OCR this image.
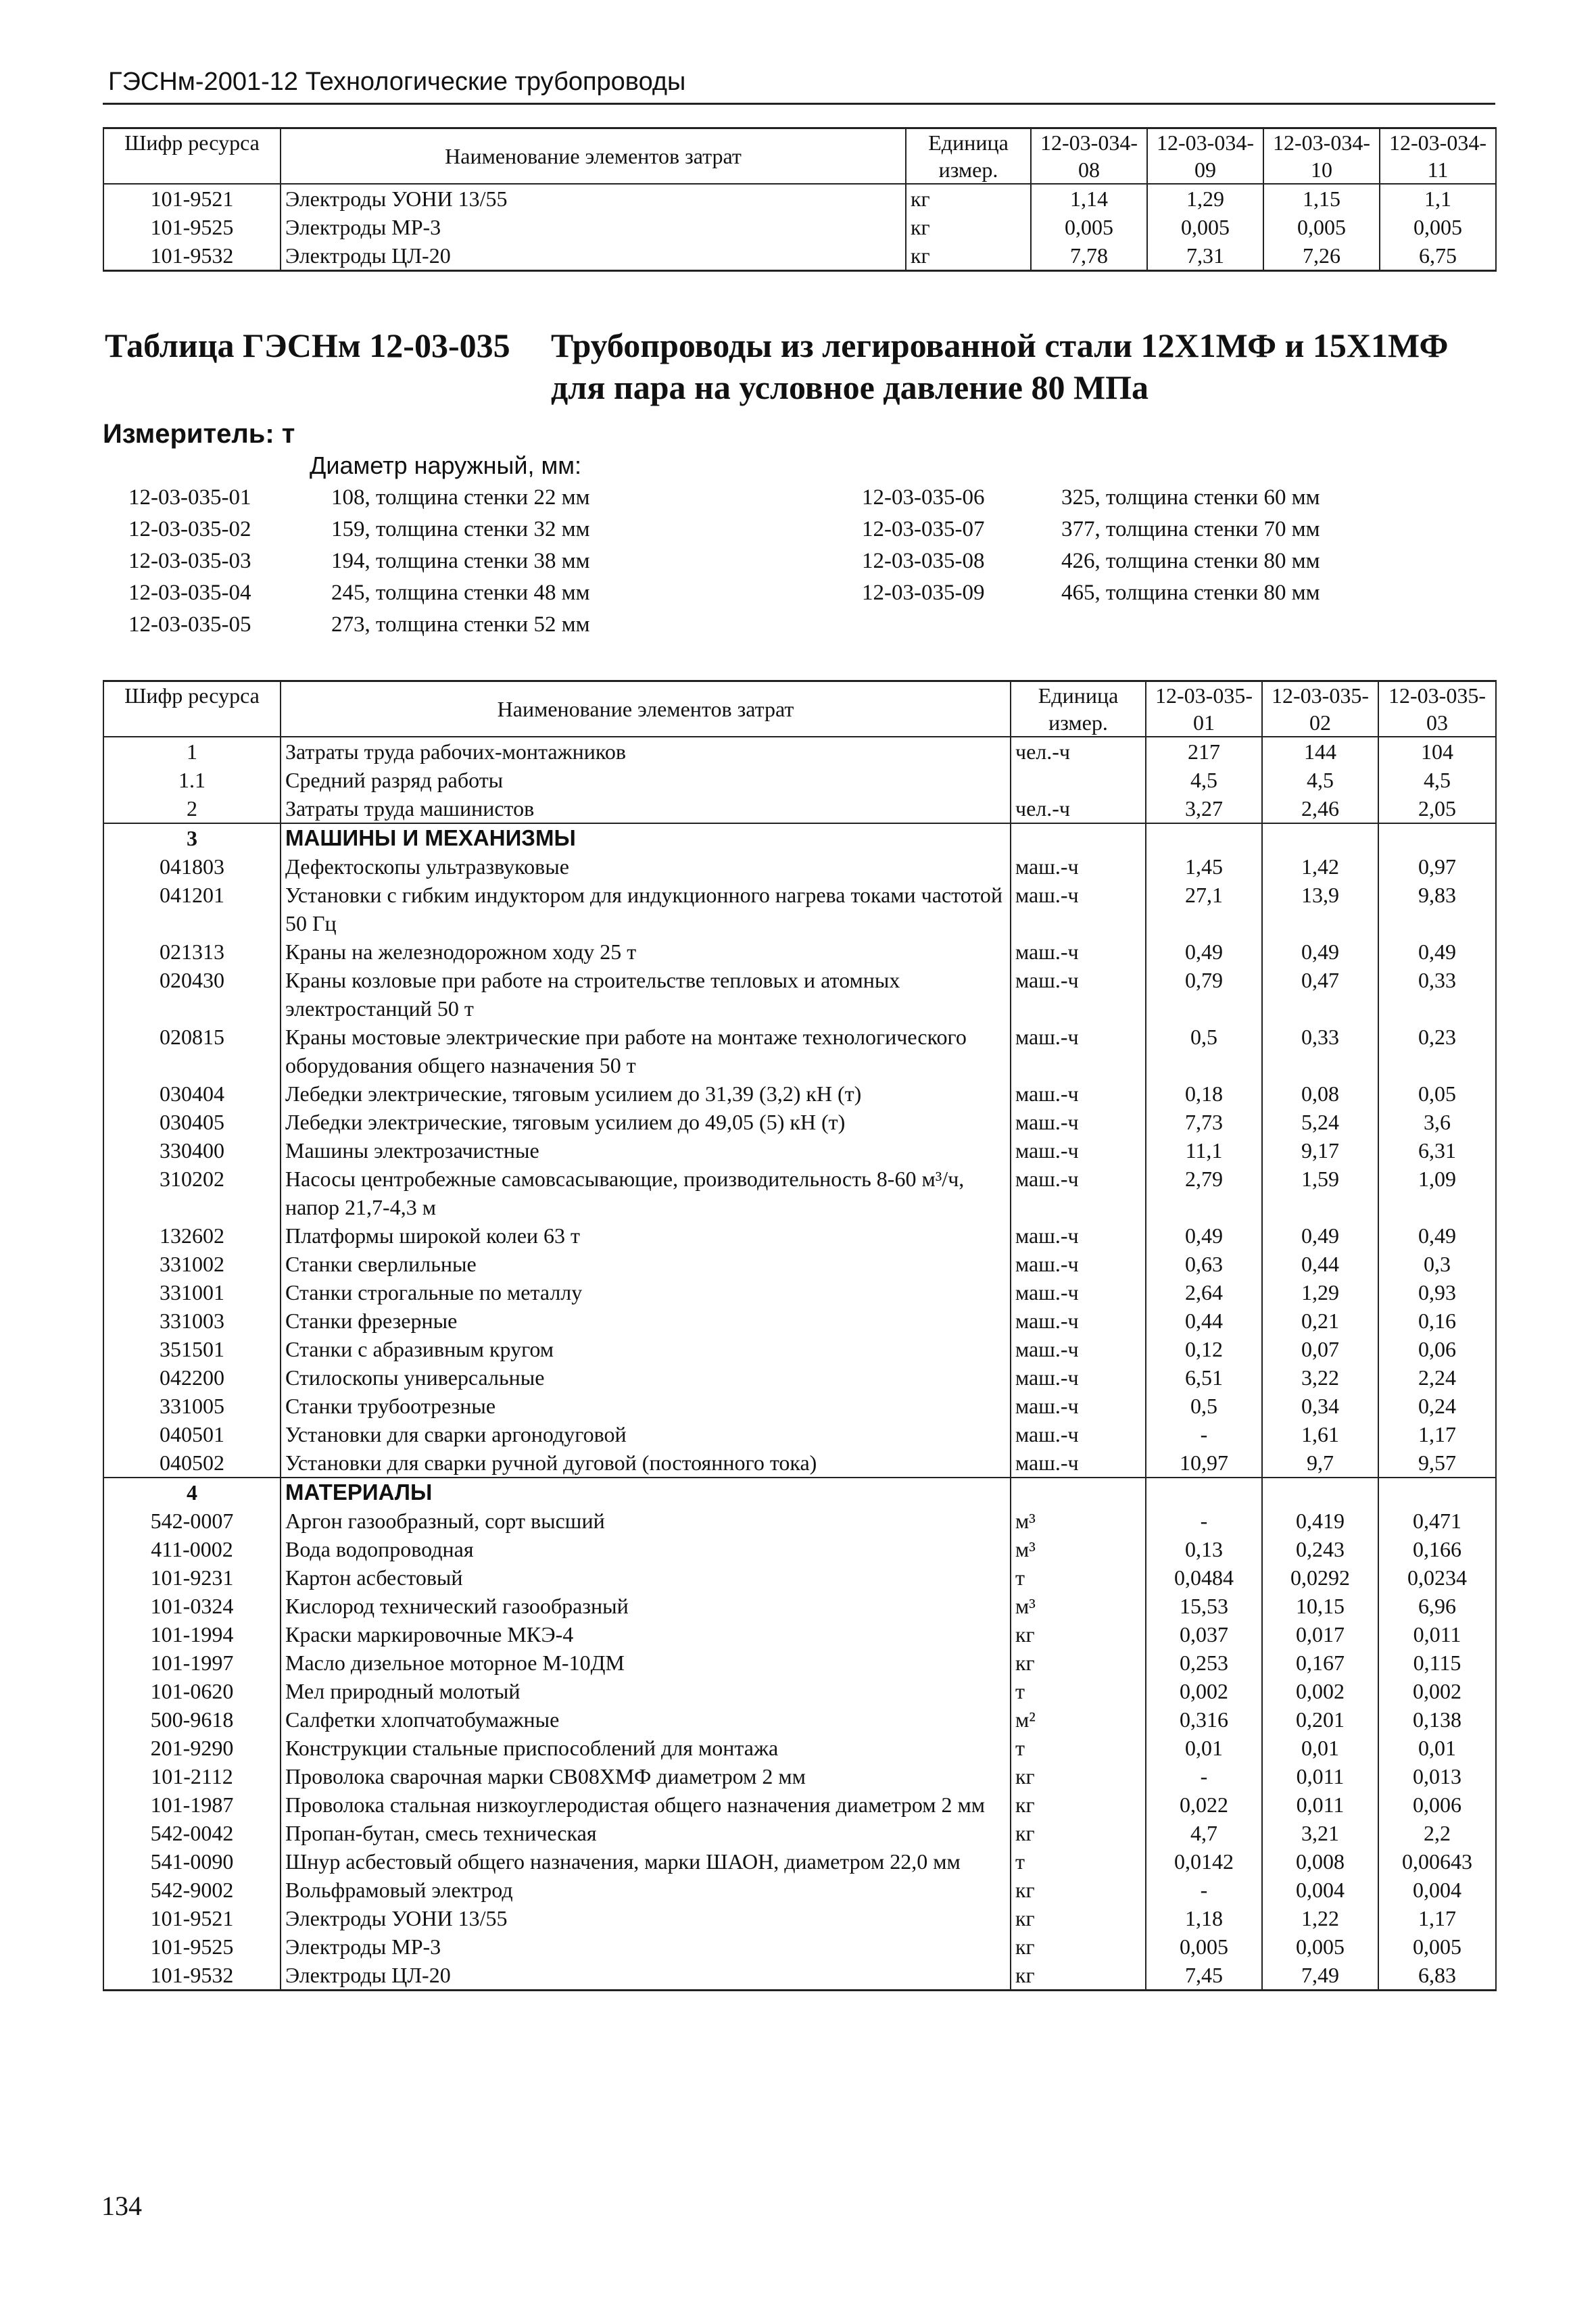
ГЭСНм-2001-12 Технологические трубопроводы
Шифр ресурса	Наименование элементов затрат	Единица измер.	12-03-034-08	12-03-034-09	12-03-034-10	12-03-034-11
101-9521	Электроды УОНИ 13/55	кг	1,14	1,29	1,15	1,1
101-9525	Электроды МР-3	кг	0,005	0,005	0,005	0,005
101-9532	Электроды ЦЛ-20	кг	7,78	7,31	7,26	6,75
Таблица ГЭСНм 12-03-035 Трубопроводы из легированной стали 12Х1МФ и 15Х1МФ
для пара на условное давление 80 МПа
Измеритель: т
Диаметр наружный, мм:
12-03-035-01	108, толщина стенки 22 мм
12-03-035-02	159, толщина стенки 32 мм
12-03-035-03	194, толщина стенки 38 мм
12-03-035-04	245, толщина стенки 48 мм
12-03-035-05	273, толщина стенки 52 мм
12-03-035-06	325, толщина стенки 60 мм
12-03-035-07	377, толщина стенки 70 мм
12-03-035-08	426, толщина стенки 80 мм
12-03-035-09	465, толщина стенки 80 мм
Шифр ресурса	Наименование элементов затрат	Единица измер.	12-03-035-01	12-03-035-02	12-03-035-03
1	Затраты труда рабочих-монтажников	чел.-ч	217	144	104
1.1	Средний разряд работы		4,5	4,5	4,5
2	Затраты труда машинистов	чел.-ч	3,27	2,46	2,05
3	МАШИНЫ И МЕХАНИЗМЫ				
041803	Дефектоскопы ультразвуковые	маш.-ч	1,45	1,42	0,97
041201	Установки с гибким индуктором для индукционного нагрева токами частотой 50 Гц	маш.-ч	27,1	13,9	9,83
021313	Краны на железнодорожном ходу 25 т	маш.-ч	0,49	0,49	0,49
020430	Краны козловые при работе на строительстве тепловых и атомных электростанций 50 т	маш.-ч	0,79	0,47	0,33
020815	Краны мостовые электрические при работе на монтаже технологического оборудования общего назначения 50 т	маш.-ч	0,5	0,33	0,23
030404	Лебедки электрические, тяговым усилием до 31,39 (3,2) кН (т)	маш.-ч	0,18	0,08	0,05
030405	Лебедки электрические, тяговым усилием до 49,05 (5) кН (т)	маш.-ч	7,73	5,24	3,6
330400	Машины электрозачистные	маш.-ч	11,1	9,17	6,31
310202	Насосы центробежные самовсасывающие, производительность 8-60 м³/ч, напор 21,7-4,3 м	маш.-ч	2,79	1,59	1,09
132602	Платформы широкой колеи 63 т	маш.-ч	0,49	0,49	0,49
331002	Станки сверлильные	маш.-ч	0,63	0,44	0,3
331001	Станки строгальные по металлу	маш.-ч	2,64	1,29	0,93
331003	Станки фрезерные	маш.-ч	0,44	0,21	0,16
351501	Станки с абразивным кругом	маш.-ч	0,12	0,07	0,06
042200	Стилоскопы универсальные	маш.-ч	6,51	3,22	2,24
331005	Станки трубоотрезные	маш.-ч	0,5	0,34	0,24
040501	Установки для сварки аргонодуговой	маш.-ч	-	1,61	1,17
040502	Установки для сварки ручной дуговой (постоянного тока)	маш.-ч	10,97	9,7	9,57
4	МАТЕРИАЛЫ				
542-0007	Аргон газообразный, сорт высший	м³	-	0,419	0,471
411-0002	Вода водопроводная	м³	0,13	0,243	0,166
101-9231	Картон асбестовый	т	0,0484	0,0292	0,0234
101-0324	Кислород технический газообразный	м³	15,53	10,15	6,96
101-1994	Краски маркировочные МКЭ-4	кг	0,037	0,017	0,011
101-1997	Масло дизельное моторное М-10ДМ	кг	0,253	0,167	0,115
101-0620	Мел природный молотый	т	0,002	0,002	0,002
500-9618	Салфетки хлопчатобумажные	м²	0,316	0,201	0,138
201-9290	Конструкции стальные приспособлений для монтажа	т	0,01	0,01	0,01
101-2112	Проволока сварочная марки СВ08ХМФ диаметром 2 мм	кг	-	0,011	0,013
101-1987	Проволока стальная низкоуглеродистая общего назначения диаметром 2 мм	кг	0,022	0,011	0,006
542-0042	Пропан-бутан, смесь техническая	кг	4,7	3,21	2,2
541-0090	Шнур асбестовый общего назначения, марки ШАОН, диаметром 22,0 мм	т	0,0142	0,008	0,00643
542-9002	Вольфрамовый электрод	кг	-	0,004	0,004
101-9521	Электроды УОНИ 13/55	кг	1,18	1,22	1,17
101-9525	Электроды МР-3	кг	0,005	0,005	0,005
101-9532	Электроды ЦЛ-20	кг	7,45	7,49	6,83
134
